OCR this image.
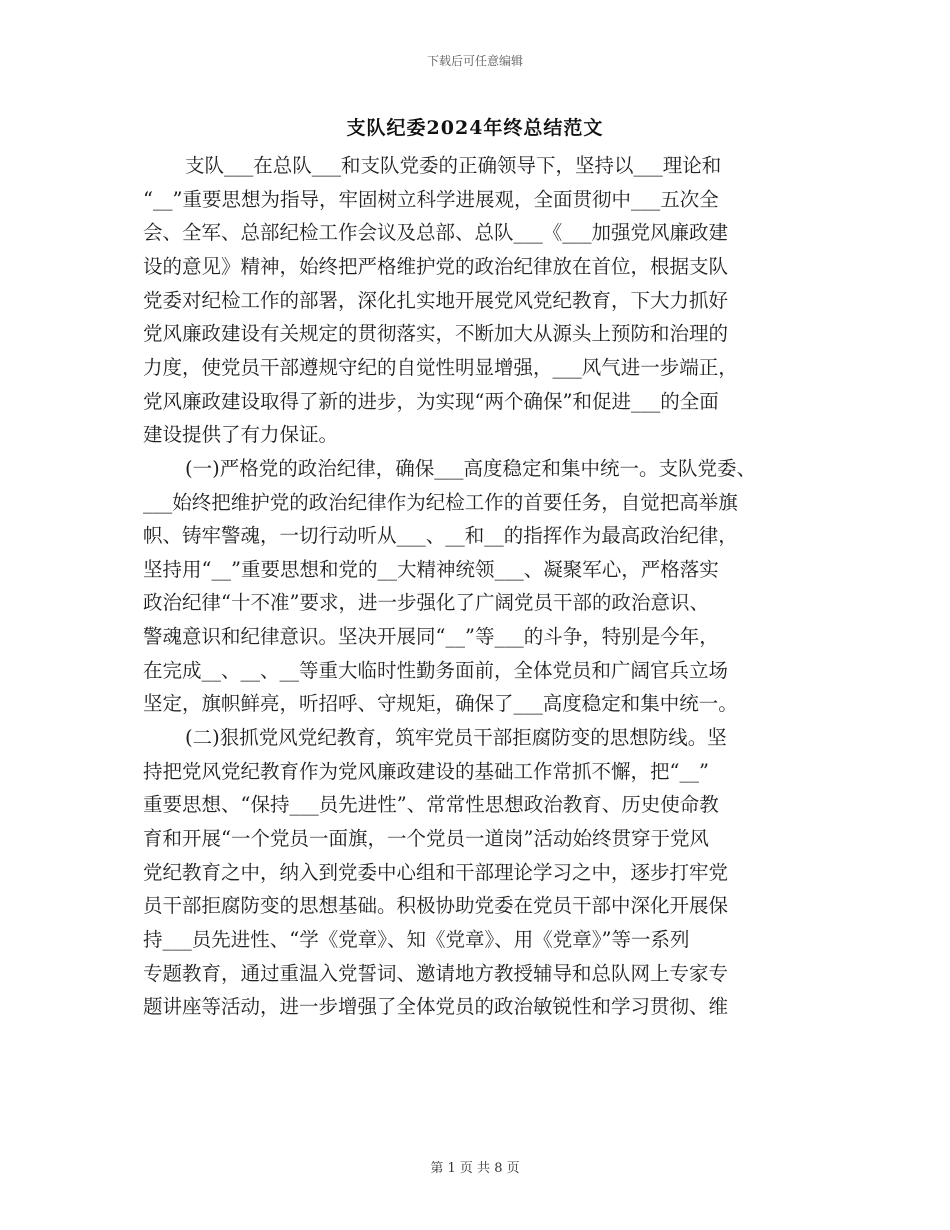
下载后可任意编辑
支队纪委2024年终总结范文
支队___在总队___和支队党委的正确领导下，坚持以___理论和
“__”重要思想为指导，牢固树立科学进展观，全面贯彻中___五次全
会、全军、总部纪检工作会议及总部、总队___《___加强党风廉政建
设的意见》精神，始终把严格维护党的政治纪律放在首位，根据支队
党委对纪检工作的部署，深化扎实地开展党风党纪教育，下大力抓好
党风廉政建设有关规定的贯彻落实，不断加大从源头上预防和治理的
力度，使党员干部遵规守纪的自觉性明显增强，___风气进一步端正，
党风廉政建设取得了新的进步，为实现“两个确保”和促进___的全面
建设提供了有力保证。
(一)严格党的政治纪律，确保___高度稳定和集中统一。支队党委、
___始终把维护党的政治纪律作为纪检工作的首要任务，自觉把高举旗
帜、铸牢警魂，一切行动听从___、__和__的指挥作为最高政治纪律，
坚持用“__”重要思想和党的__大精神统领___、凝聚军心，严格落实
政治纪律“十不准”要求，进一步强化了广阔党员干部的政治意识、
警魂意识和纪律意识。坚决开展同“__”等___的斗争，特别是今年，
在完成__、__、__等重大临时性勤务面前，全体党员和广阔官兵立场
坚定，旗帜鲜亮，听招呼、守规矩，确保了___高度稳定和集中统一。
(二)狠抓党风党纪教育，筑牢党员干部拒腐防变的思想防线。坚
持把党风党纪教育作为党风廉政建设的基础工作常抓不懈，把“__”
重要思想、“保持___员先进性”、常常性思想政治教育、历史使命教
育和开展“一个党员一面旗，一个党员一道岗”活动始终贯穿于党风
党纪教育之中，纳入到党委中心组和干部理论学习之中，逐步打牢党
员干部拒腐防变的思想基础。积极协助党委在党员干部中深化开展保
持___员先进性、“学《党章》、知《党章》、用《党章》”等一系列
专题教育，通过重温入党誓词、邀请地方教授辅导和总队网上专家专
题讲座等活动，进一步增强了全体党员的政治敏锐性和学习贯彻、维
第 1 页 共 8 页
